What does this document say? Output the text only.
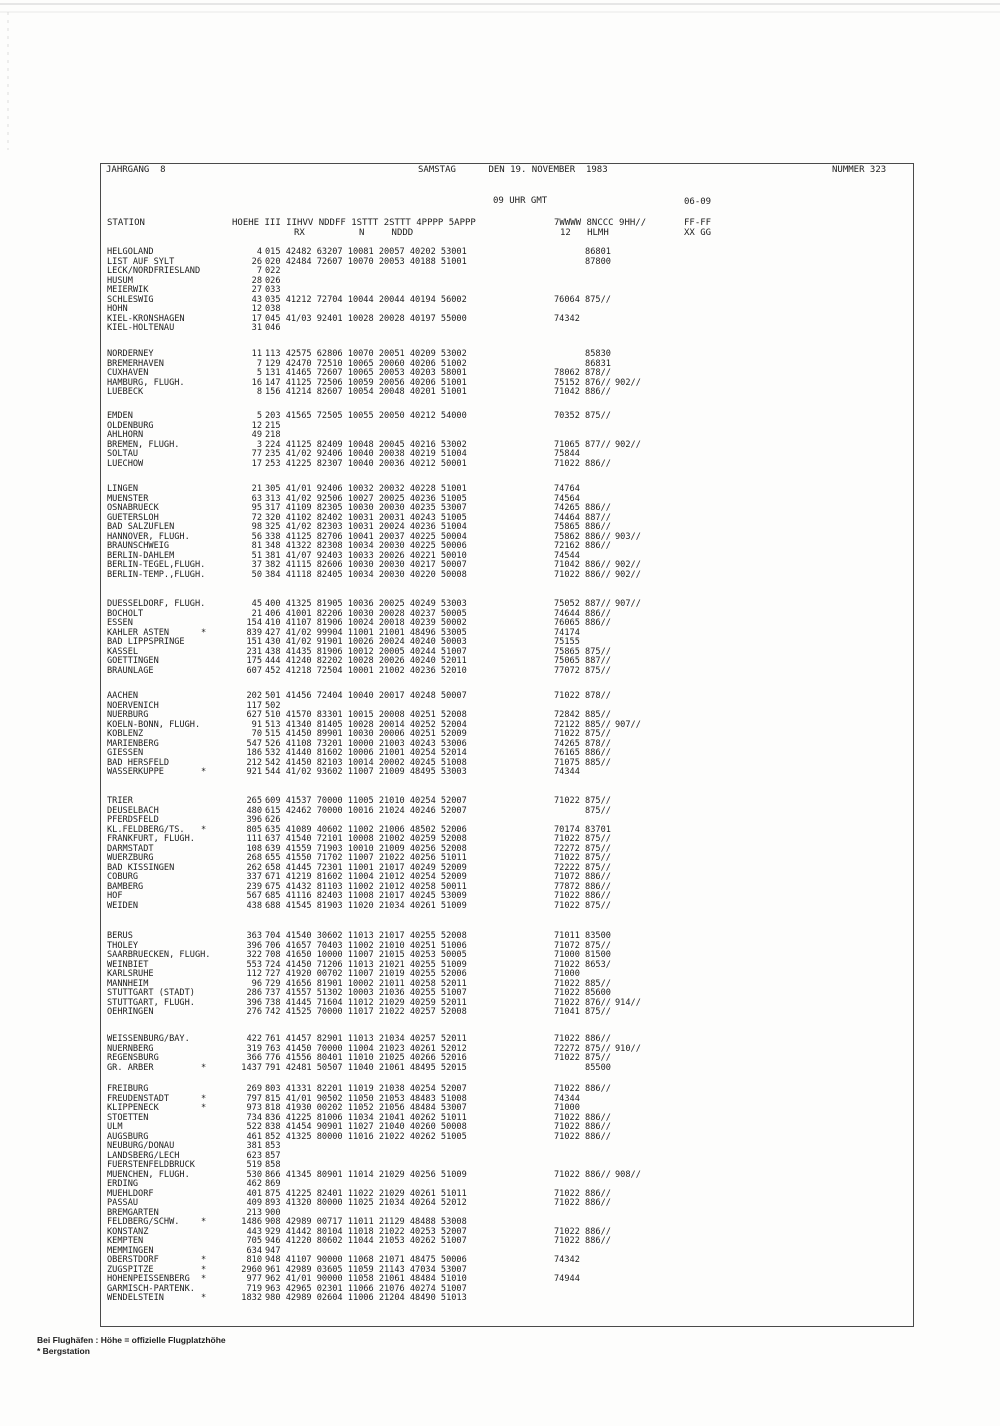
JAHRGANG  8

	SAMSTAG      DEN 19. NOVEMBER  1983

	NUMMER 323

09 UHR GMT	06-09
STATION	HOEHE III IIHVV NDDFF 1STTT 2STTT 4PPPP 5APPP
RX          N     NDDD
7WWWW 8NCCC 9HH//
12   HLMH
FF-FF
XX GG
HELGOLAND	4 015 42482 63207 10081 20057 40202 53001	86801
LIST AUF SYLT	26 020 42484 72607 10070 20053 40188 51001	87800
LECK/NORDFRIESLAND	7 022
HUSUM	28 026
MEIERWIK	27 033
SCHLESWIG	43 035 41212 72704 10044 20044 40194 56002	76064 875//
HOHN	12 038
KIEL-KRONSHAGEN	17 045 41/03 92401 10028 20028 40197 55000	74342
KIEL-HOLTENAU	31 046
NORDERNEY	11 113 42575 62806 10070 20051 40209 53002	85830
BREMERHAVEN	7 129 42470 72510 10065 20060 40206 51002	86831
CUXHAVEN	5 131 41465 72607 10065 20053 40203 58001	78062 878//
HAMBURG, FLUGH.	16 147 41125 72506 10059 20056 40206 51001	75152 876// 902//
LUEBECK	8 156 41214 82607 10054 20048 40201 51001	71042 886//
EMDEN	5 203 41565 72505 10055 20050 40212 54000	70352 875//
OLDENBURG	12 215
AHLHORN	49 218
BREMEN, FLUGH.	3 224 41125 82409 10048 20045 40216 53002	71065 877// 902//
SOLTAU	77 235 41/02 92406 10040 20038 40219 51004	75844
LUECHOW	17 253 41225 82307 10040 20036 40212 50001	71022 886//
LINGEN	21 305 41/01 92406 10032 20032 40228 51001	74764
MUENSTER	63 313 41/02 92506 10027 20025 40236 51005	74564
OSNABRUECK	95 317 41109 82305 10030 20030 40235 53007	74265 886//
GUETERSLOH	72 320 41102 82402 10031 20031 40243 51005	74464 887//
BAD SALZUFLEN	98 325 41/02 82303 10031 20024 40236 51004	75865 886//
HANNOVER, FLUGH.	56 338 41125 82706 10041 20037 40225 50004	75862 886// 903//
BRAUNSCHWEIG	81 348 41322 82308 10034 20030 40225 50006	72162 886//
BERLIN-DAHLEM	51 381 41/07 92403 10033 20026 40221 50010	74544
BERLIN-TEGEL,FLUGH.	37 382 41115 82606 10030 20030 40217 50007	71042 886// 902//
BERLIN-TEMP.,FLUGH.	50 384 41118 82405 10034 20030 40220 50008	71022 886// 902//
DUESSELDORF, FLUGH.	45 400 41325 81905 10036 20025 40249 53003	75052 887// 907//
BOCHOLT	21 406 41001 82206 10030 20028 40237 50005	74644 886//
ESSEN	154 410 41107 81906 10024 20018 40239 50002	76065 886//
KAHLER ASTEN	*	839 427 41/02 99904 11001 21001 48496 53005	74174
BAD LIPPSPRINGE	151 430 41/02 91901 10026 20024 40240 50003	75155
KASSEL	231 438 41435 81906 10012 20005 40244 51007	75865 875//
GOETTINGEN	175 444 41240 82202 10028 20026 40240 52011	75065 887//
BRAUNLAGE	607 452 41218 72504 10001 21002 40236 52010	77072 875//
AACHEN	202 501 41456 72404 10040 20017 40248 50007	71022 878//
NOERVENICH	117 502
NUERBURG	627 510 41570 83301 10015 20008 40251 52008	72842 885//
KOELN-BONN, FLUGH.	91 513 41340 81405 10028 20014 40252 52004	72122 885// 907//
KOBLENZ	70 515 41450 89901 10030 20006 40251 52009	71022 875//
MARIENBERG	547 526 41108 73201 10000 21003 40243 53006	74265 878//
GIESSEN	186 532 41440 81602 10006 21001 40254 52014	76165 886//
BAD HERSFELD	212 542 41450 82103 10014 20002 40245 51008	71075 885//
WASSERKUPPE	*	921 544 41/02 93602 11007 21009 48495 53003	74344
TRIER	265 609 41537 70000 11005 21010 40254 52007	71022 875//
DEUSELBACH	480 615 42462 70000 10016 21024 40246 52007	875//
PFERDSFELD	396 626
KL.FELDBERG/TS. *	805 635 41089 40602 11002 21006 48502 52006	70174 83701
FRANKFURT, FLUGH.	111 637 41540 72101 10008 21002 40259 52008	71022 875//
DARMSTADT	108 639 41559 71903 10010 21009 40256 52008	72272 875//
WUERZBURG	268 655 41550 71702 11007 21022 40256 51011	71022 875//
BAD KISSINGEN	262 658 41445 72301 11001 21017 40249 52009	72222 875//
COBURG	337 671 41219 81602 11004 21012 40254 52009	71072 886//
BAMBERG	239 675 41432 81103 11002 21012 40258 50011	77872 886//
HOF	567 685 41116 82403 11008 21017 40245 53009	71022 886//
WEIDEN	438 688 41545 81903 11020 21034 40261 51009	71022 875//
BERUS	363 704 41540 30602 11013 21017 40255 52008	71011 83500
THOLEY	396 706 41657 70403 11002 21010 40251 51006	71072 875//
SAARBRUECKEN, FLUGH.	322 708 41650 10000 11007 21015 40253 50005	71000 81500
WEINBIET	553 724 41450 71206 11013 21021 40255 51009	71022 8653/
KARLSRUHE	112 727 41920 00702 11007 21019 40255 52006	71000
MANNHEIM	96 729 41656 81901 10002 21011 40258 52011	71022 885//
STUTTGART (STADT)	286 737 41557 51302 10003 21036 40255 51007	71022 85600
STUTTGART, FLUGH.	396 738 41445 71604 11012 21029 40259 52011	71022 876// 914//
OEHRINGEN	276 742 41525 70000 11017 21022 40257 52008	71041 875//
WEISSENBURG/BAY.	422 761 41457 82901 11013 21034 40257 52011	71022 886//
NUERNBERG	319 763 41450 70000 11004 21023 40261 52012	72272 875// 910//
REGENSBURG	366 776 41556 80401 11010 21025 40266 52016	71022 875//
GR. ARBER	*	1437 791 42481 50507 11040 21061 48495 52015	85500
FREIBURG	269 803 41331 82201 11019 21038 40254 52007	71022 886//
FREUDENSTADT	*	797 815 41/01 90502 11050 21053 48483 51008	74344
KLIPPENECK	*	973 818 41930 00202 11052 21056 48484 53007	71000
STOETTEN	734 836 41225 81006 11034 21041 40262 51011	71022 886//
ULM	522 838 41454 90901 11027 21040 40260 50008	71022 886//
AUGSBURG	461 852 41325 80000 11016 21022 40262 51005	71022 886//
NEUBURG/DONAU	381 853
LANDSBERG/LECH	623 857
FUERSTENFELDBRUCK	519 858
MUENCHEN, FLUGH.	530 866 41345 80901 11014 21029 40256 51009	71022 886// 908//
ERDING	462 869
MUEHLDORF	401 875 41225 82401 11022 21029 40261 51011	71022 886//
PASSAU	409 893 41320 80000 11025 21034 40264 52012	71022 886//
BREMGARTEN	213 900
FELDBERG/SCHW.	*	1486 908 42989 00717 11011 21129 48488 53008
KONSTANZ	443 929 41442 80104 11018 21022 40253 52007	71022 886//
KEMPTEN	705 946 41220 80602 11044 21053 40262 51007	71022 886//
MEMMINGEN	634 947
OBERSTDORF	*	810 948 41107 90000 11068 21071 48475 50006	74342
ZUGSPITZE	*	2960 961 42989 03605 11059 21143 47034 53007
HOHENPEISSENBERG *	977 962 41/01 90000 11058 21061 48484 51010	74944
GARMISCH-PARTENK.	719 963 42965 02301 11066 21076 40274 51007
WENDELSTEIN	*	1832 980 42989 02604 11006 21204 48490 51013
Bei Flughäfen : Höhe = offizielle Flugplatzhöhe
* Bergstation
